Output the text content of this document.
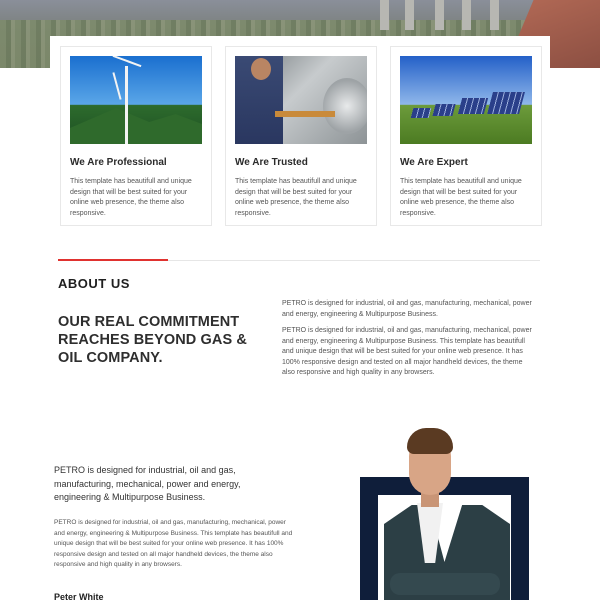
We Are Professional

This template has beautifull and unique design that will be best suited for your online web presence, the theme also responsive.

We Are Trusted

This template has beautifull and unique design that will be best suited for your online web presence, the theme also responsive.

We Are Expert

This template has beautifull and unique design that will be best suited for your online web presence, the theme also responsive.

ABOUT US
OUR REAL COMMITMENT REACHES BEYOND GAS & OIL COMPANY.

PETRO is designed for industrial, oil and gas, manufacturing, mechanical, power and energy, engineering & Multipurpose Business.

PETRO is designed for industrial, oil and gas, manufacturing, mechanical, power and energy, engineering & Multipurpose Business. This template has beautifull and unique design that will be best suited for your online web presence. It has 100% responsive design and tested on all major handheld devices, the theme also responsive and high quality in any browsers.

PETRO is designed for industrial, oil and gas, manufacturing, mechanical, power and energy, engineering & Multipurpose Business.

PETRO is designed for industrial, oil and gas, manufacturing, mechanical, power and energy, engineering & Multipurpose Business. This template has beautifull and unique design that will be best suited for your online web presence. It has 100% responsive design and tested on all major handheld devices, the theme also responsive and high quality in any browsers.

Peter White
